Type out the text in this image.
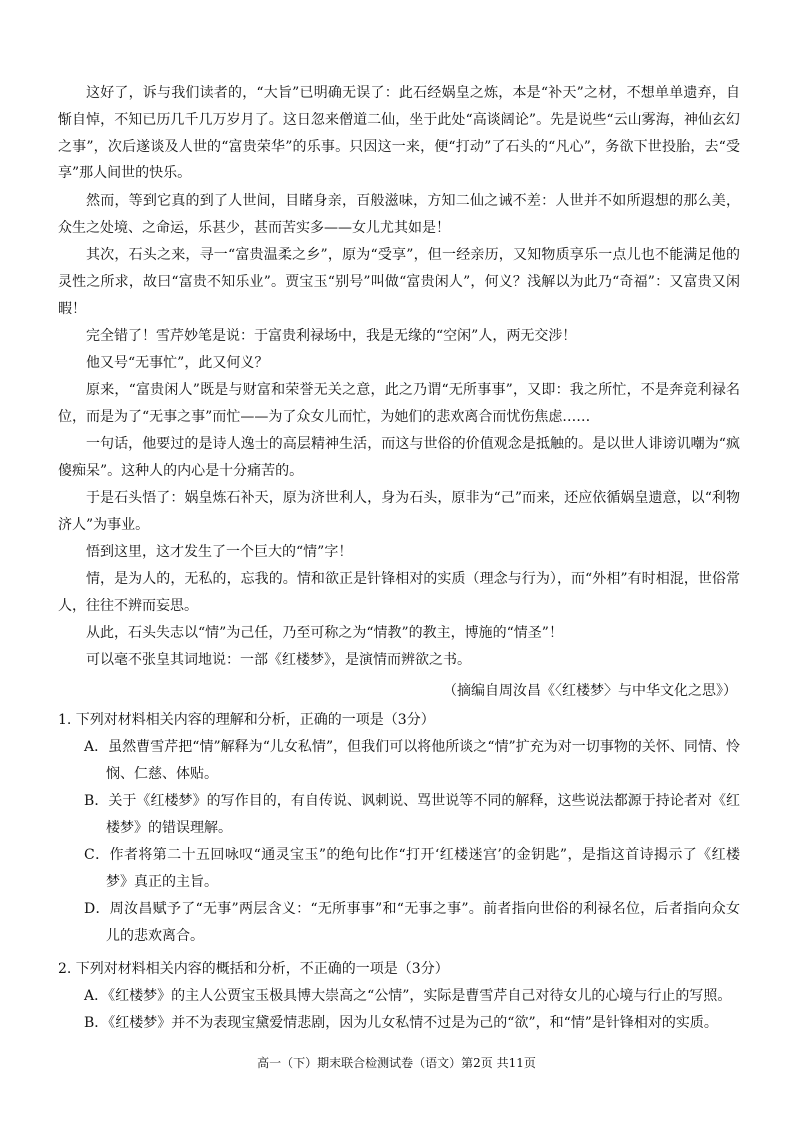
这好了，诉与我们读者的，“大旨”已明确无误了：此石经娲皇之炼，本是“补天”之材，不想单单遗弃，自惭自悼，不知已历几千几万岁月了。这日忽来僧道二仙，坐于此处“高谈阔论”。先是说些“云山雾海，神仙玄幻之事”，次后遂谈及人世的“富贵荣华”的乐事。只因这一来，便“打动”了石头的“凡心”，务欲下世投胎，去“受享”那人间世的快乐。

然而，等到它真的到了人世间，目睹身亲，百般滋味，方知二仙之诫不差：人世并不如所遐想的那么美，众生之处境、之命运，乐甚少，甚而苦实多——女儿尤其如是！

其次，石头之来，寻一“富贵温柔之乡”，原为“受享”，但一经亲历，又知物质享乐一点儿也不能满足他的灵性之所求，故曰“富贵不知乐业”。贾宝玉“别号”叫做“富贵闲人”，何义？浅解以为此乃“奇福”：又富贵又闲暇！

完全错了！雪芹妙笔是说：于富贵利禄场中，我是无缘的“空闲”人，两无交涉！

他又号“无事忙”，此又何义？

原来，“富贵闲人”既是与财富和荣誉无关之意，此之乃谓“无所事事”，又即：我之所忙，不是奔竞利禄名位，而是为了“无事之事”而忙——为了众女儿而忙，为她们的悲欢离合而忧伤焦虑……

一句话，他要过的是诗人逸士的高层精神生活，而这与世俗的价值观念是抵触的。是以世人诽谤讥嘲为“疯傻痴呆”。这种人的内心是十分痛苦的。

于是石头悟了：娲皇炼石补天，原为济世利人，身为石头，原非为“己”而来，还应依循娲皇遗意，以“利物济人”为事业。

悟到这里，这才发生了一个巨大的“情”字！

情，是为人的，无私的，忘我的。情和欲正是针锋相对的实质（理念与行为），而“外相”有时相混，世俗常人，往往不辨而妄思。

从此，石头失志以“情”为己任，乃至可称之为“情教”的教主，博施的“情圣”！

可以毫不张皇其词地说：一部《红楼梦》，是演情而辨欲之书。

（摘编自周汝昌《〈红楼梦〉与中华文化之思》）

1. 下列对材料相关内容的理解和分析，正确的一项是（3分）

A．虽然曹雪芹把“情”解释为“儿女私情”，但我们可以将他所谈之“情”扩充为对一切事物的关怀、同情、怜悯、仁慈、体贴。

B．关于《红楼梦》的写作目的，有自传说、讽刺说、骂世说等不同的解释，这些说法都源于持论者对《红楼梦》的错误理解。

C．作者将第二十五回咏叹“通灵宝玉”的绝句比作“打开‘红楼迷宫’的金钥匙”，是指这首诗揭示了《红楼梦》真正的主旨。

D．周汝昌赋予了“无事”两层含义：“无所事事”和“无事之事”。前者指向世俗的利禄名位，后者指向众女儿的悲欢离合。

2. 下列对材料相关内容的概括和分析，不正确的一项是（3分）

A．《红楼梦》的主人公贾宝玉极具博大崇高之“公情”，实际是曹雪芹自己对待女儿的心境与行止的写照。

B．《红楼梦》并不为表现宝黛爱情悲剧，因为儿女私情不过是为己的“欲”，和“情”是针锋相对的实质。

高一（下）期末联合检测试卷（语文）第2页 共11页
